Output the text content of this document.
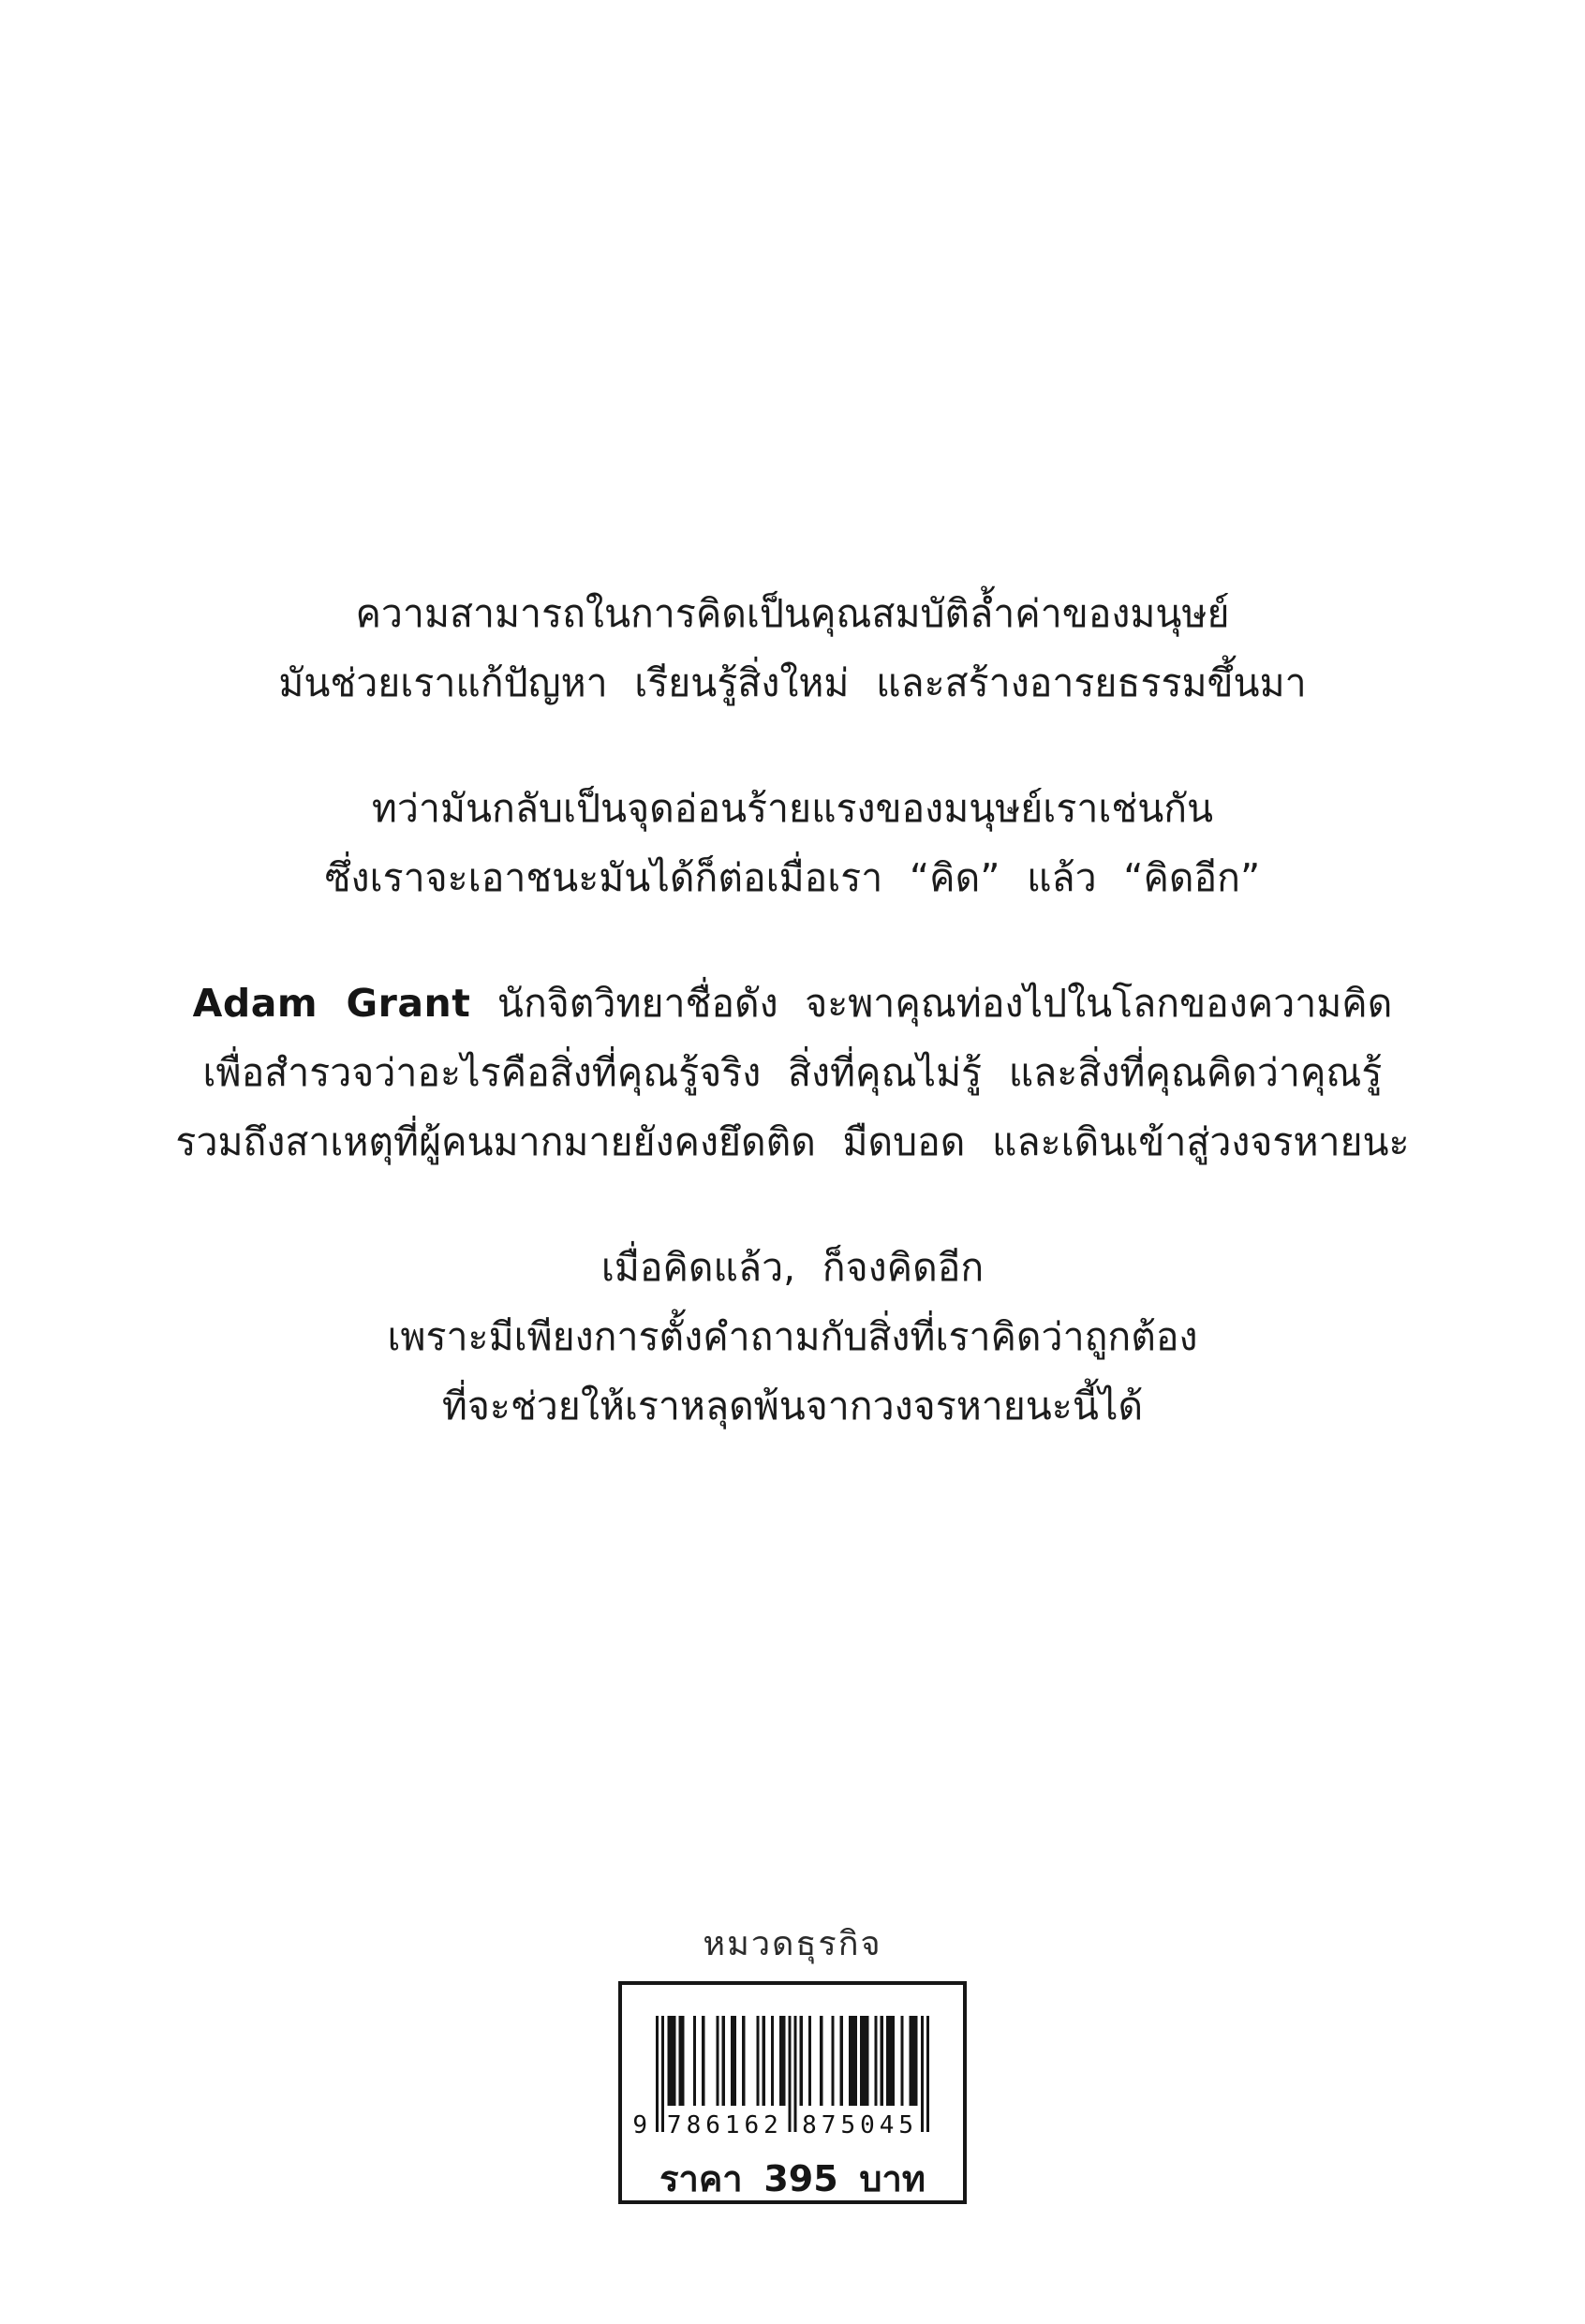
ความสามารถในการคิดเป็นคุณสมบัติล้ำค่าของมนุษย์
มันช่วยเราแก้ปัญหา เรียนรู้สิ่งใหม่ และสร้างอารยธรรมขึ้นมา

ทว่ามันกลับเป็นจุดอ่อนร้ายแรงของมนุษย์เราเช่นกัน
ซึ่งเราจะเอาชนะมันได้ก็ต่อเมื่อเรา “คิด” แล้ว “คิดอีก”

Adam Grant นักจิตวิทยาชื่อดัง จะพาคุณท่องไปในโลกของความคิด
เพื่อสำรวจว่าอะไรคือสิ่งที่คุณรู้จริง สิ่งที่คุณไม่รู้ และสิ่งที่คุณคิดว่าคุณรู้
รวมถึงสาเหตุที่ผู้คนมากมายยังคงยึดติด มืดบอด และเดินเข้าสู่วงจรหายนะ

เมื่อคิดแล้ว, ก็จงคิดอีก
เพราะมีเพียงการตั้งคำถามกับสิ่งที่เราคิดว่าถูกต้อง
ที่จะช่วยให้เราหลุดพ้นจากวงจรหายนะนี้ได้

หมวดธุรกิจ
9 786162 875045
ราคา 395 บาท
